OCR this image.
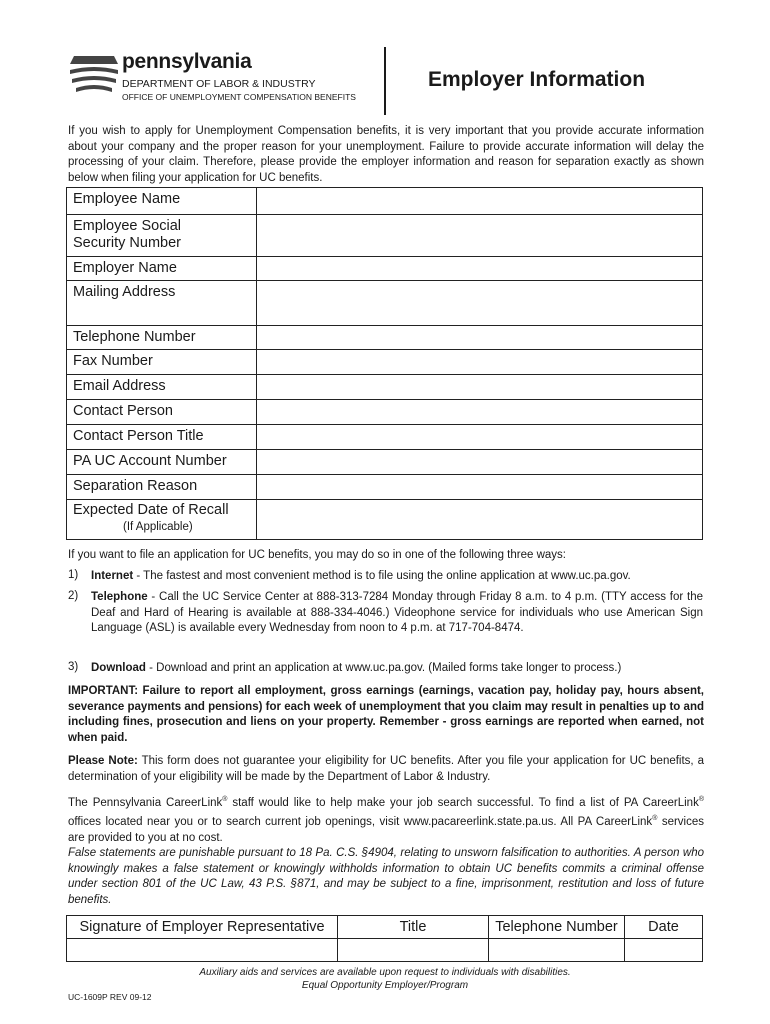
pennsylvania
DEPARTMENT OF LABOR & INDUSTRY
OFFICE OF UNEMPLOYMENT COMPENSATION BENEFITS
Employer Information
If you wish to apply for Unemployment Compensation benefits, it is very important that you provide accurate information about your company and the proper reason for your unemployment. Failure to provide accurate information will delay the processing of your claim. Therefore, please provide the employer information and reason for separation exactly as shown below when filing your application for UC benefits.
Employee Name	
Employee Social
Security Number	
Employer Name	
Mailing Address	
Telephone Number	
Fax Number	
Email Address	
Contact Person	
Contact Person Title	
PA UC Account Number	
Separation Reason	
Expected Date of Recall
(If Applicable)	

If you want to file an application for UC benefits, you may do so in one of the following three ways:
1)	Internet - The fastest and most convenient method is to file using the online application at www.uc.pa.gov.
2)	Telephone - Call the UC Service Center at 888-313-7284 Monday through Friday 8 a.m. to 4 p.m. (TTY access for the Deaf and Hard of Hearing is available at 888-334-4046.) Videophone service for individuals who use American Sign Language (ASL) is available every Wednesday from noon to 4 p.m. at 717-704-8474.
3)	Download - Download and print an application at www.uc.pa.gov. (Mailed forms take longer to process.)
IMPORTANT: Failure to report all employment, gross earnings (earnings, vacation pay, holiday pay, hours absent, severance payments and pensions) for each week of unemployment that you claim may result in penalties up to and including fines, prosecution and liens on your property. Remember - gross earnings are reported when earned, not when paid.
Please Note: This form does not guarantee your eligibility for UC benefits. After you file your application for UC benefits, a determination of your eligibility will be made by the Department of Labor & Industry.
The Pennsylvania CareerLink® staff would like to help make your job search successful. To find a list of PA CareerLink® offices located near you or to search current job openings, visit www.pacareerlink.state.pa.us. All PA CareerLink® services are provided to you at no cost.
False statements are punishable pursuant to 18 Pa. C.S. §4904, relating to unsworn falsification to authorities. A person who knowingly makes a false statement or knowingly withholds information to obtain UC benefits commits a criminal offense under section 801 of the UC Law, 43 P.S. §871, and may be subject to a fine, imprisonment, restitution and loss of future benefits.
Signature of Employer Representative	Title	Telephone Number	Date

Auxiliary aids and services are available upon request to individuals with disabilities.
Equal Opportunity Employer/Program
UC-1609P REV 09-12
